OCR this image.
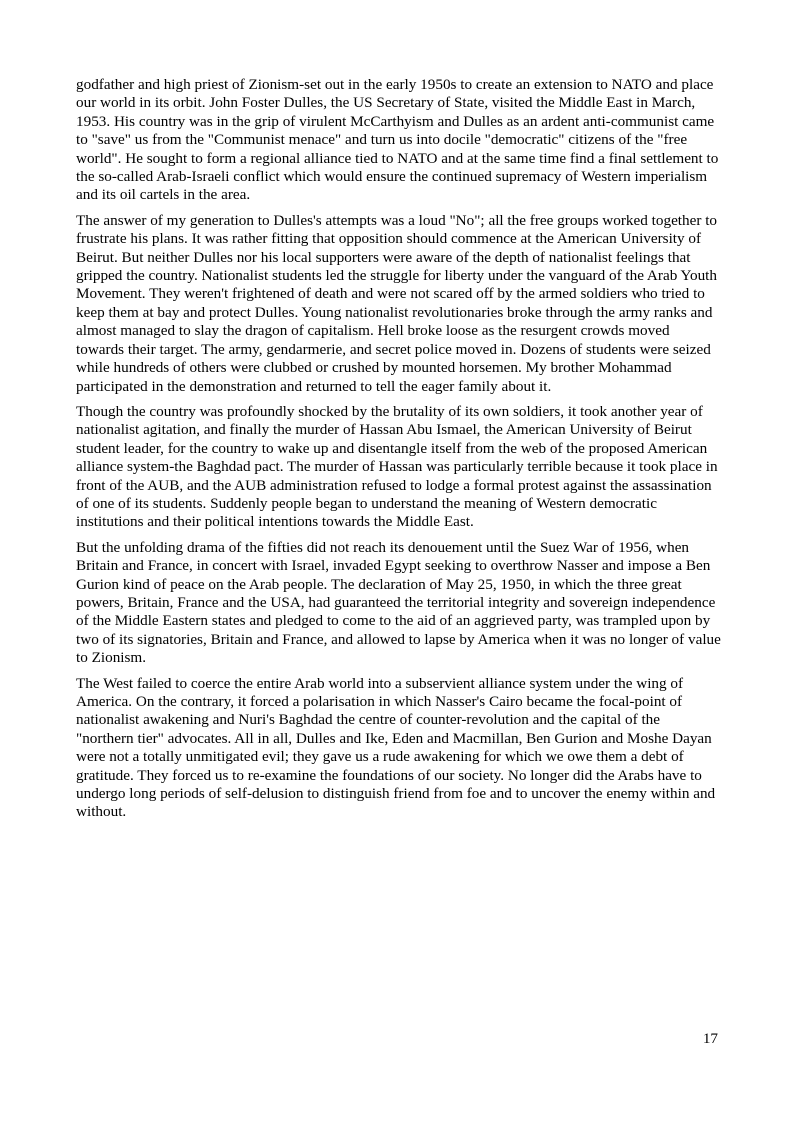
godfather and high priest of Zionism-set out in the early 1950s to create an extension to NATO and place our world in its orbit. John Foster Dulles, the US Secretary of State, visited the Middle East in March, 1953. His country was in the grip of virulent McCarthyism and Dulles as an ardent anti-communist came to "save" us from the "Communist menace" and turn us into docile "democratic" citizens of the "free world". He sought to form a regional alliance tied to NATO and at the same time find a final settlement to the so-called Arab-Israeli conflict which would ensure the continued supremacy of Western imperialism and its oil cartels in the area.

The answer of my generation to Dulles's attempts was a loud "No"; all the free groups worked together to frustrate his plans. It was rather fitting that opposition should commence at the American University of Beirut. But neither Dulles nor his local supporters were aware of the depth of nationalist feelings that gripped the country. Nationalist students led the struggle for liberty under the vanguard of the Arab Youth Movement. They weren't frightened of death and were not scared off by the armed soldiers who tried to keep them at bay and protect Dulles. Young nationalist revolutionaries broke through the army ranks and almost managed to slay the dragon of capitalism. Hell broke loose as the resurgent crowds moved towards their target. The army, gendarmerie, and secret police moved in. Dozens of students were seized while hundreds of others were clubbed or crushed by mounted horsemen. My brother Mohammad participated in the demonstration and returned to tell the eager family about it.

Though the country was profoundly shocked by the brutality of its own soldiers, it took another year of nationalist agitation, and finally the murder of Hassan Abu Ismael, the American University of Beirut student leader, for the country to wake up and disentangle itself from the web of the proposed American alliance system-the Baghdad pact. The murder of Hassan was particularly terrible because it took place in front of the AUB, and the AUB administration refused to lodge a formal protest against the assassination of one of its students. Suddenly people began to understand the meaning of Western democratic institutions and their political intentions towards the Middle East.

But the unfolding drama of the fifties did not reach its denouement until the Suez War of 1956, when Britain and France, in concert with Israel, invaded Egypt seeking to overthrow Nasser and impose a Ben Gurion kind of peace on the Arab people. The declaration of May 25, 1950, in which the three great powers, Britain, France and the USA, had guaranteed the territorial integrity and sovereign independence of the Middle Eastern states and pledged to come to the aid of an aggrieved party, was trampled upon by two of its signatories, Britain and France, and allowed to lapse by America when it was no longer of value to Zionism.

The West failed to coerce the entire Arab world into a subservient alliance system under the wing of America. On the contrary, it forced a polarisation in which Nasser's Cairo became the focal-point of nationalist awakening and Nuri's Baghdad the centre of counter-revolution and the capital of the "northern tier" advocates. All in all, Dulles and Ike, Eden and Macmillan, Ben Gurion and Moshe Dayan were not a totally unmitigated evil; they gave us a rude awakening for which we owe them a debt of gratitude. They forced us to re-examine the foundations of our society. No longer did the Arabs have to undergo long periods of self-delusion to distinguish friend from foe and to uncover the enemy within and without.

17
